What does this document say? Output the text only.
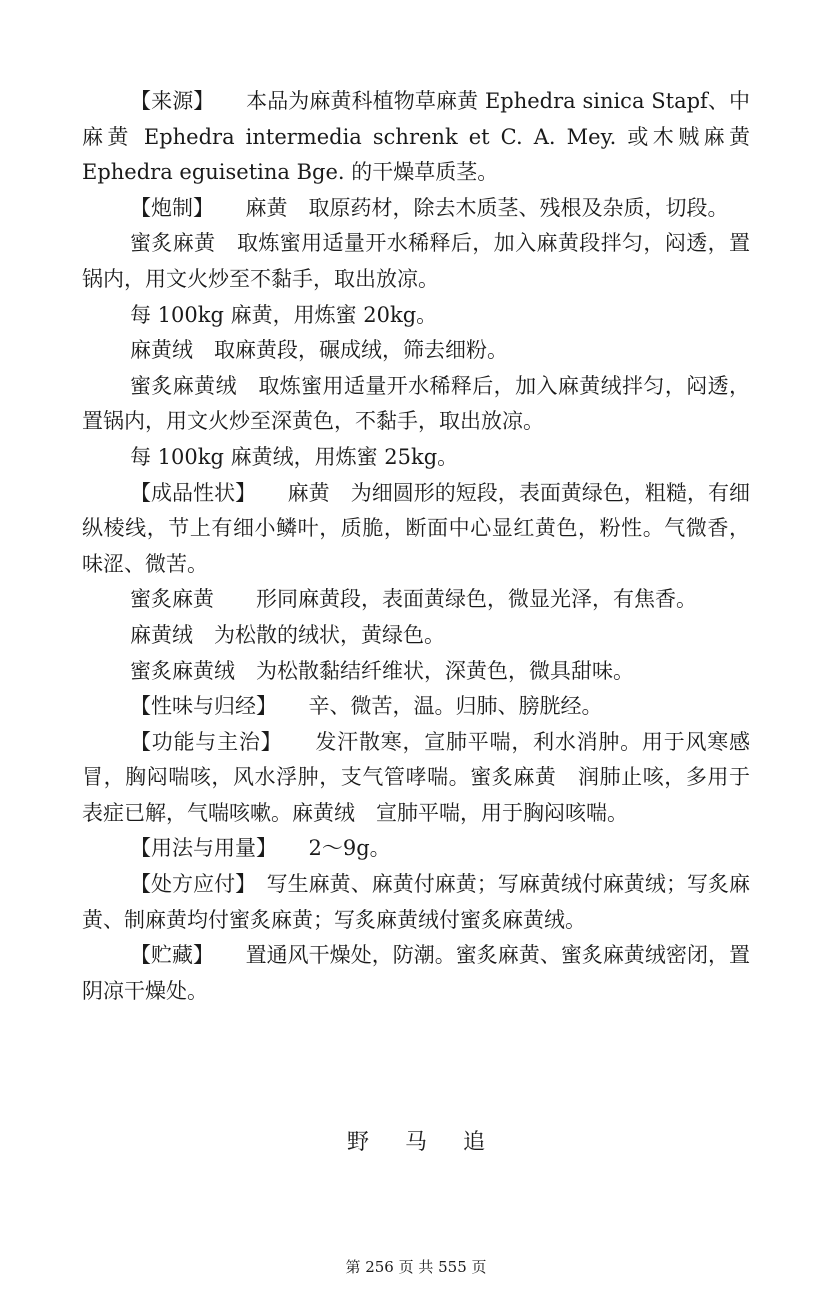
【来源】　　本品为麻黄科植物草麻黄 Ephedra sinica Stapf、中麻黄 Ephedra intermedia schrenk et C. A. Mey. 或木贼麻黄 Ephedra eguisetina Bge. 的干燥草质茎。

【炮制】　　麻黄　取原药材，除去木质茎、残根及杂质，切段。

蜜炙麻黄　取炼蜜用适量开水稀释后，加入麻黄段拌匀，闷透，置锅内，用文火炒至不黏手，取出放凉。

每 100kg 麻黄，用炼蜜 20kg。

麻黄绒　取麻黄段，碾成绒，筛去细粉。

蜜炙麻黄绒　取炼蜜用适量开水稀释后，加入麻黄绒拌匀，闷透，置锅内，用文火炒至深黄色，不黏手，取出放凉。

每 100kg 麻黄绒，用炼蜜 25kg。

【成品性状】　　麻黄　为细圆形的短段，表面黄绿色，粗糙，有细纵棱线，节上有细小鳞叶，质脆，断面中心显红黄色，粉性。气微香，味涩、微苦。

蜜炙麻黄　　形同麻黄段，表面黄绿色，微显光泽，有焦香。

麻黄绒　为松散的绒状，黄绿色。

蜜炙麻黄绒　为松散黏结纤维状，深黄色，微具甜味。

【性味与归经】　　辛、微苦，温。归肺、膀胱经。

【功能与主治】　　发汗散寒，宣肺平喘，利水消肿。用于风寒感冒，胸闷喘咳，风水浮肿，支气管哮喘。蜜炙麻黄　润肺止咳，多用于表症已解，气喘咳嗽。麻黄绒　宣肺平喘，用于胸闷咳喘。

【用法与用量】　　2～9g。

【处方应付】　写生麻黄、麻黄付麻黄；写麻黄绒付麻黄绒；写炙麻黄、制麻黄均付蜜炙麻黄；写炙麻黄绒付蜜炙麻黄绒。

【贮藏】　　置通风干燥处，防潮。蜜炙麻黄、蜜炙麻黄绒密闭，置阴凉干燥处。

野马追
第 256 页 共 555 页
